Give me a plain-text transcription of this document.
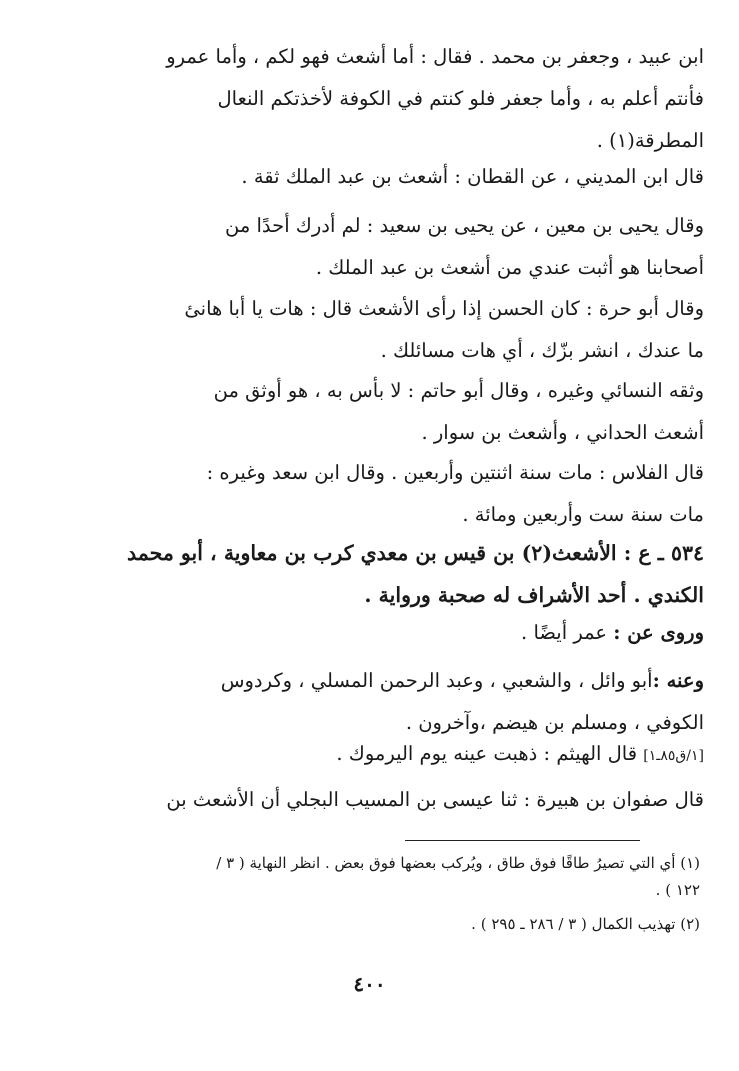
ابن عبيد ، وجعفر بن محمد . فقال : أما أشعث فهو لكم ، وأما عمرو
فأنتم أعلم به ، وأما جعفر فلو كنتم في الكوفة لأخذتكم النعال
المطرقة(١) .
قال ابن المديني ، عن القطان : أشعث بن عبد الملك ثقة .
وقال يحيى بن معين ، عن يحيى بن سعيد : لم أدرك أحدًا من
أصحابنا هو أثبت عندي من أشعث بن عبد الملك .
وقال أبو حرة : كان الحسن إذا رأى الأشعث قال : هات يا أبا هانئ
ما عندك ، انشر بزّك ، أي هات مسائلك .
وثقه النسائي وغيره ، وقال أبو حاتم : لا بأس به ، هو أوثق من
أشعث الحداني ، وأشعث بن سوار .
قال الفلاس : مات سنة اثنتين وأربعين . وقال ابن سعد وغيره :
مات سنة ست وأربعين ومائة .
٥٣٤ ـ ع : الأشعث(٢) بن قيس بن معدي كرب بن معاوية ، أبو محمد
الكندي . أحد الأشراف له صحبة ورواية .
وروى عن : عمر أيضًا .
وعنه :أبو وائل ، والشعبي ، وعبد الرحمن المسلي ، وكردوس
الكوفي ، ومسلم بن هيضم ،وآخرون .
[١/ق٨٥ـ١] قال الهيثم : ذهبت عينه يوم اليرموك .
قال صفوان بن هبيرة : ثنا عيسى بن المسيب البجلي أن الأشعث بن
(١) أي التي تصيرُ طاقًا فوق طاق ، ويُركب بعضها فوق بعض . انظر النهاية ( ٣ /
١٢٢ ) .
(٢) تهذيب الكمال ( ٣ / ٢٨٦ ـ ٢٩٥ ) .
٤٠٠
